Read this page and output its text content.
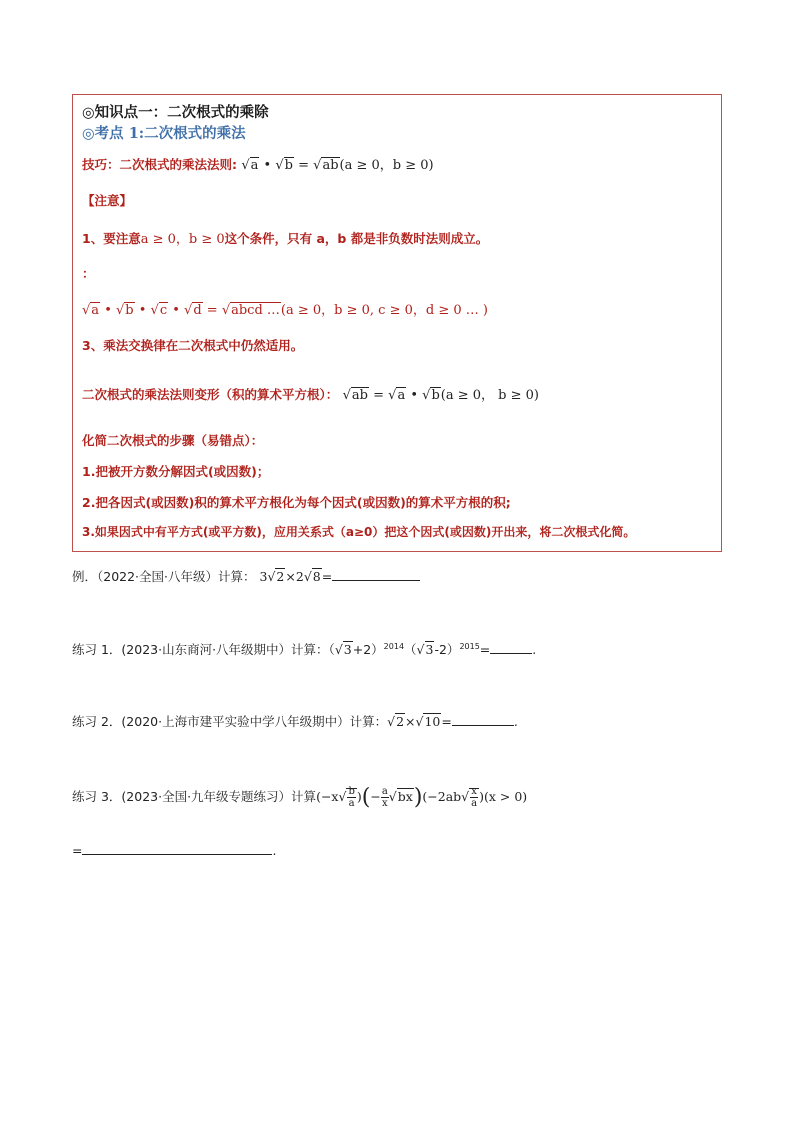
◎知识点一：二次根式的乘除
◎考点 1:二次根式的乘法
技巧：二次根式的乘法法则: √a • √b = √ab(a ≥ 0，b ≥ 0)
【注意】
1、要注意a ≥ 0，b ≥ 0这个条件，只有 a，b 都是非负数时法则成立。
：
√a • √b • √c • √d = √abcd …(a ≥ 0，b ≥ 0, c ≥ 0，d ≥ 0 … )
3、乘法交换律在二次根式中仍然适用。
二次根式的乘法法则变形（积的算术平方根）： √ab = √a • √b(a ≥ 0， b ≥ 0)
化简二次根式的步骤（易错点）：
1.把被开方数分解因式(或因数)；
2.把各因式(或因数)积的算术平方根化为每个因式(或因数)的算术平方根的积;
3.如果因式中有平方式(或平方数)，应用关系式（a≥0）把这个因式(或因数)开出来，将二次根式化简。
例．（2022·全国·八年级）计算： 3√2×2√8=
练习 1．(2023·山东商河·八年级期中）计算：$(√3+2)^{2014}(√3-2)^{2015}=$	.
练习 2．(2020·上海市建平实验中学八年级期中）计算：√2×√10=	.
练习 3．(2023·全国·九年级专题练习）计算($-x√ \frac{b}{a}$ )(− $\frac{a}{x} √bx)(-2ab√ \frac{x}{a} )(x > 0)$
=	.
